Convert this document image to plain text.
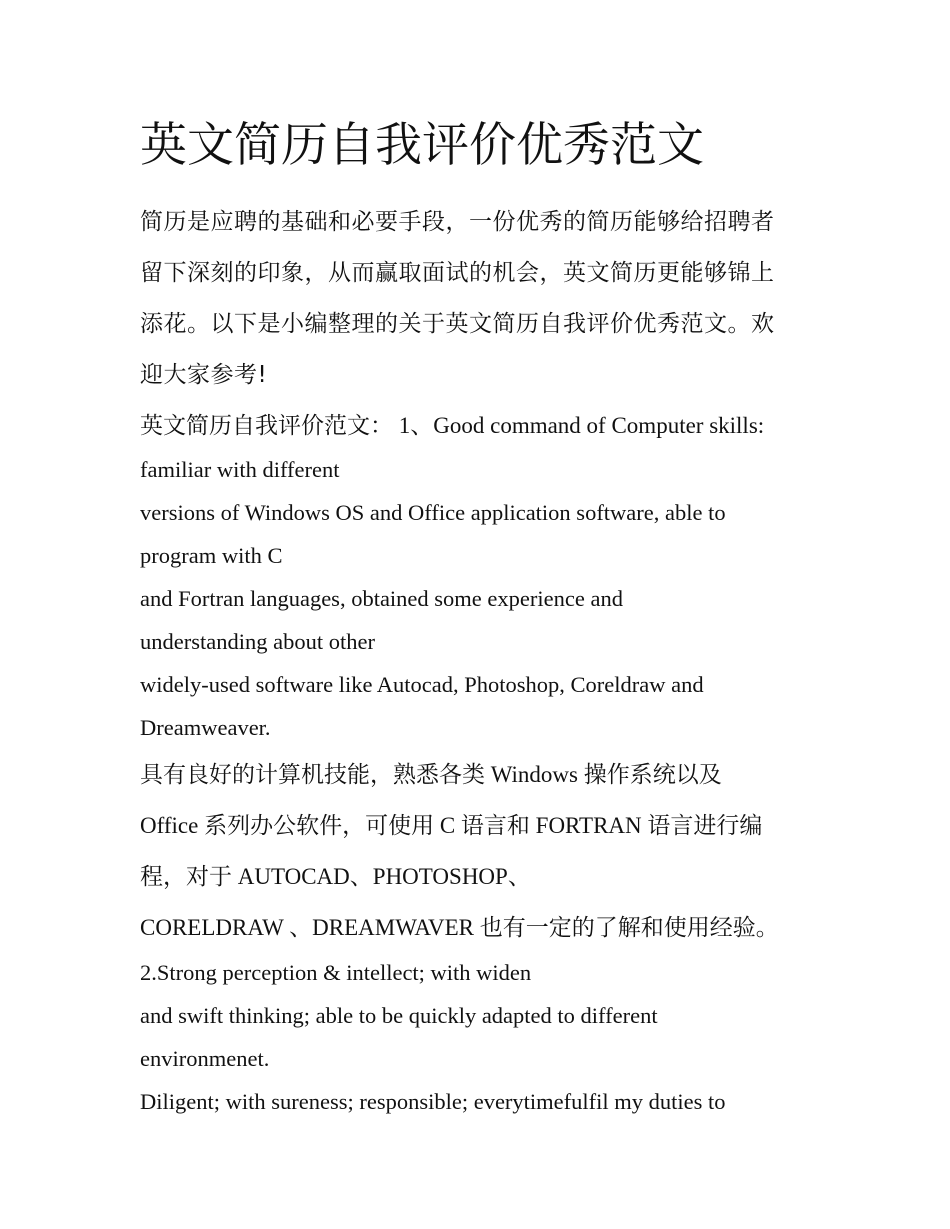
英文简历自我评价优秀范文

简历是应聘的基础和必要手段，一份优秀的简历能够给招聘者

留下深刻的印象，从而赢取面试的机会，英文简历更能够锦上

添花。以下是小编整理的关于英文简历自我评价优秀范文。欢

迎大家参考!

英文简历自我评价范文： 1、Good command of Computer skills:

familiar with different

versions of Windows OS and Office application software, able to

program with C

and Fortran languages, obtained some experience and

understanding about other

widely-used software like Autocad, Photoshop, Coreldraw and

Dreamweaver.

具有良好的计算机技能，熟悉各类 Windows 操作系统以及

Office 系列办公软件，可使用 C 语言和 FORTRAN 语言进行编

程，对于 AUTOCAD、PHOTOSHOP、

CORELDRAW 、DREAMWAVER 也有一定的了解和使用经验。

2.Strong perception & intellect; with widen

and swift thinking; able to be quickly adapted to different

environmenet.

Diligent; with sureness; responsible; everytimefulfil my duties to
